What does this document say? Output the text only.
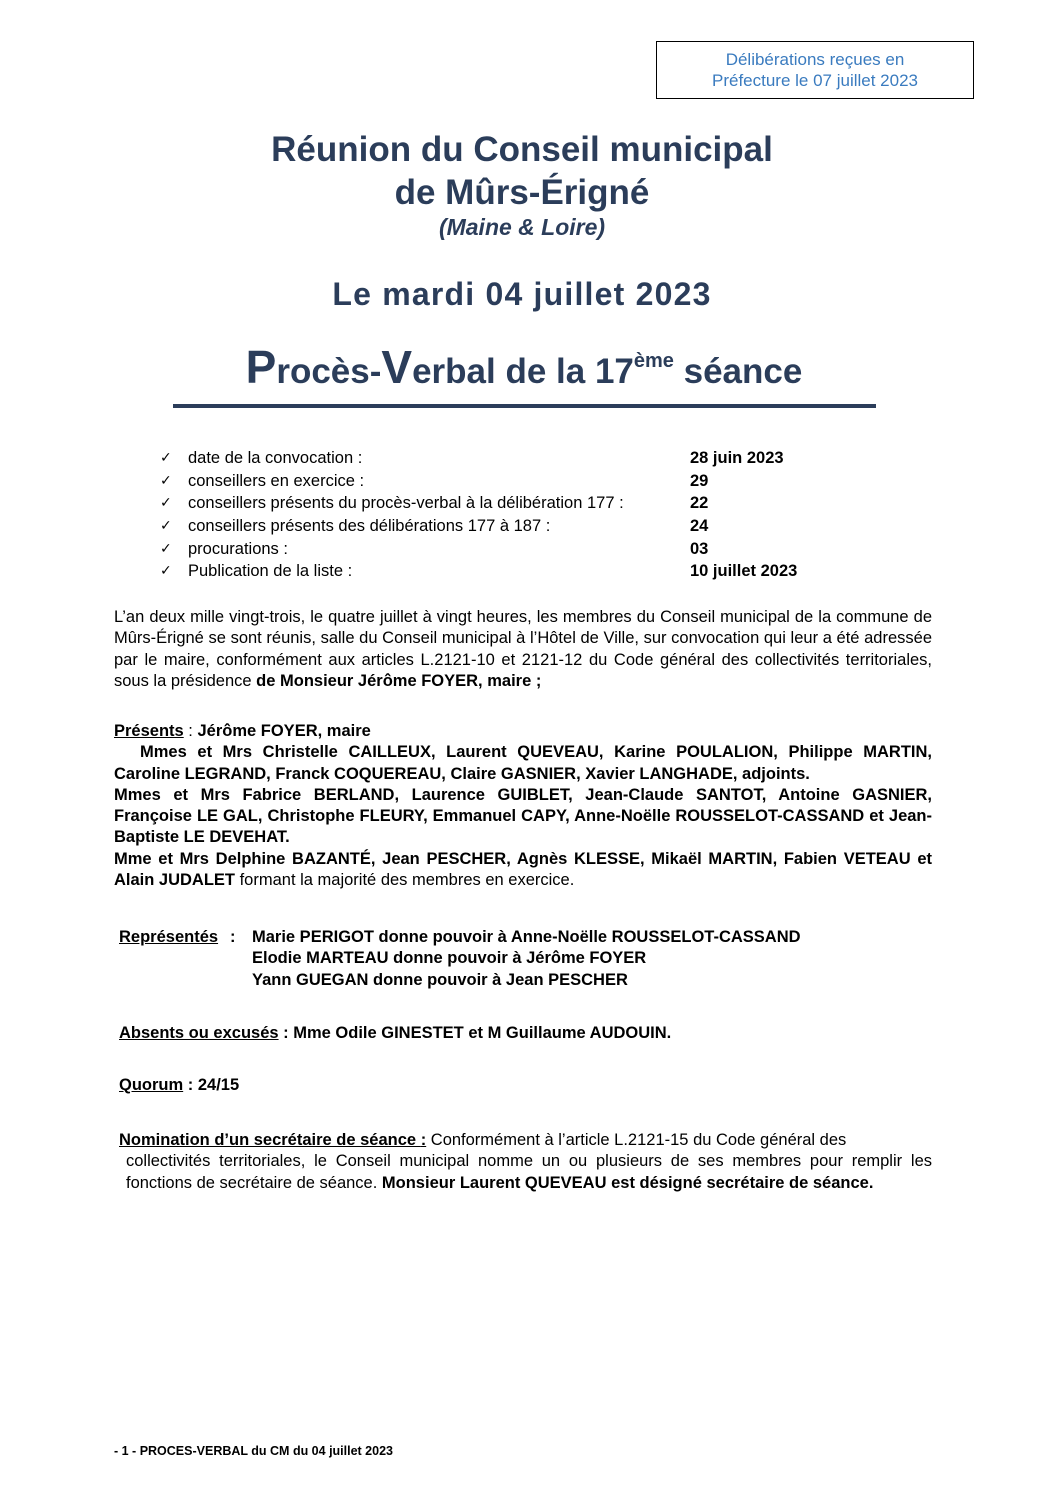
Délibérations reçues en
Préfecture le 07 juillet 2023
Réunion du Conseil municipal
de Mûrs-Érigné
(Maine & Loire)
Le mardi 04 juillet 2023
Procès-Verbal de la 17ème séance
✓ date de la convocation :	28 juin 2023
✓ conseillers en exercice :	29
✓ conseillers présents du procès-verbal à la délibération 177 :	22
✓ conseillers présents des délibérations 177 à 187 :	24
✓ procurations :	03
✓ Publication de la liste :	10 juillet 2023
L’an deux mille vingt-trois, le quatre juillet à vingt heures, les membres du Conseil municipal de la commune de Mûrs-Érigné se sont réunis, salle du Conseil municipal à l’Hôtel de Ville, sur convocation qui leur a été adressée par le maire, conformément aux articles L.2121-10 et 2121-12 du Code général des collectivités territoriales, sous la présidence de Monsieur Jérôme FOYER, maire ;
Présents : Jérôme FOYER, maire
Mmes et Mrs Christelle CAILLEUX, Laurent QUEVEAU, Karine POULALION, Philippe MARTIN, Caroline LEGRAND, Franck COQUEREAU, Claire GASNIER, Xavier LANGHADE, adjoints.
Mmes et Mrs Fabrice BERLAND, Laurence GUIBLET, Jean-Claude SANTOT, Antoine GASNIER, Françoise LE GAL, Christophe FLEURY, Emmanuel CAPY, Anne-Noëlle ROUSSELOT-CASSAND et Jean-Baptiste LE DEVEHAT.
Mme et Mrs Delphine BAZANTÉ, Jean PESCHER, Agnès KLESSE, Mikaël MARTIN, Fabien VETEAU et Alain JUDALET formant la majorité des membres en exercice.
Représentés : Marie PERIGOT donne pouvoir à Anne-Noëlle ROUSSELOT-CASSAND
Elodie MARTEAU donne pouvoir à Jérôme FOYER
Yann GUEGAN donne pouvoir à Jean PESCHER
Absents ou excusés : Mme Odile GINESTET et M Guillaume AUDOUIN.
Quorum : 24/15
Nomination d’un secrétaire de séance : Conformément à l’article L.2121-15 du Code général des
collectivités territoriales, le Conseil municipal nomme un ou plusieurs de ses membres pour remplir les fonctions de secrétaire de séance. Monsieur Laurent QUEVEAU est désigné secrétaire de séance.
- 1 - PROCES-VERBAL du CM du 04 juillet 2023
